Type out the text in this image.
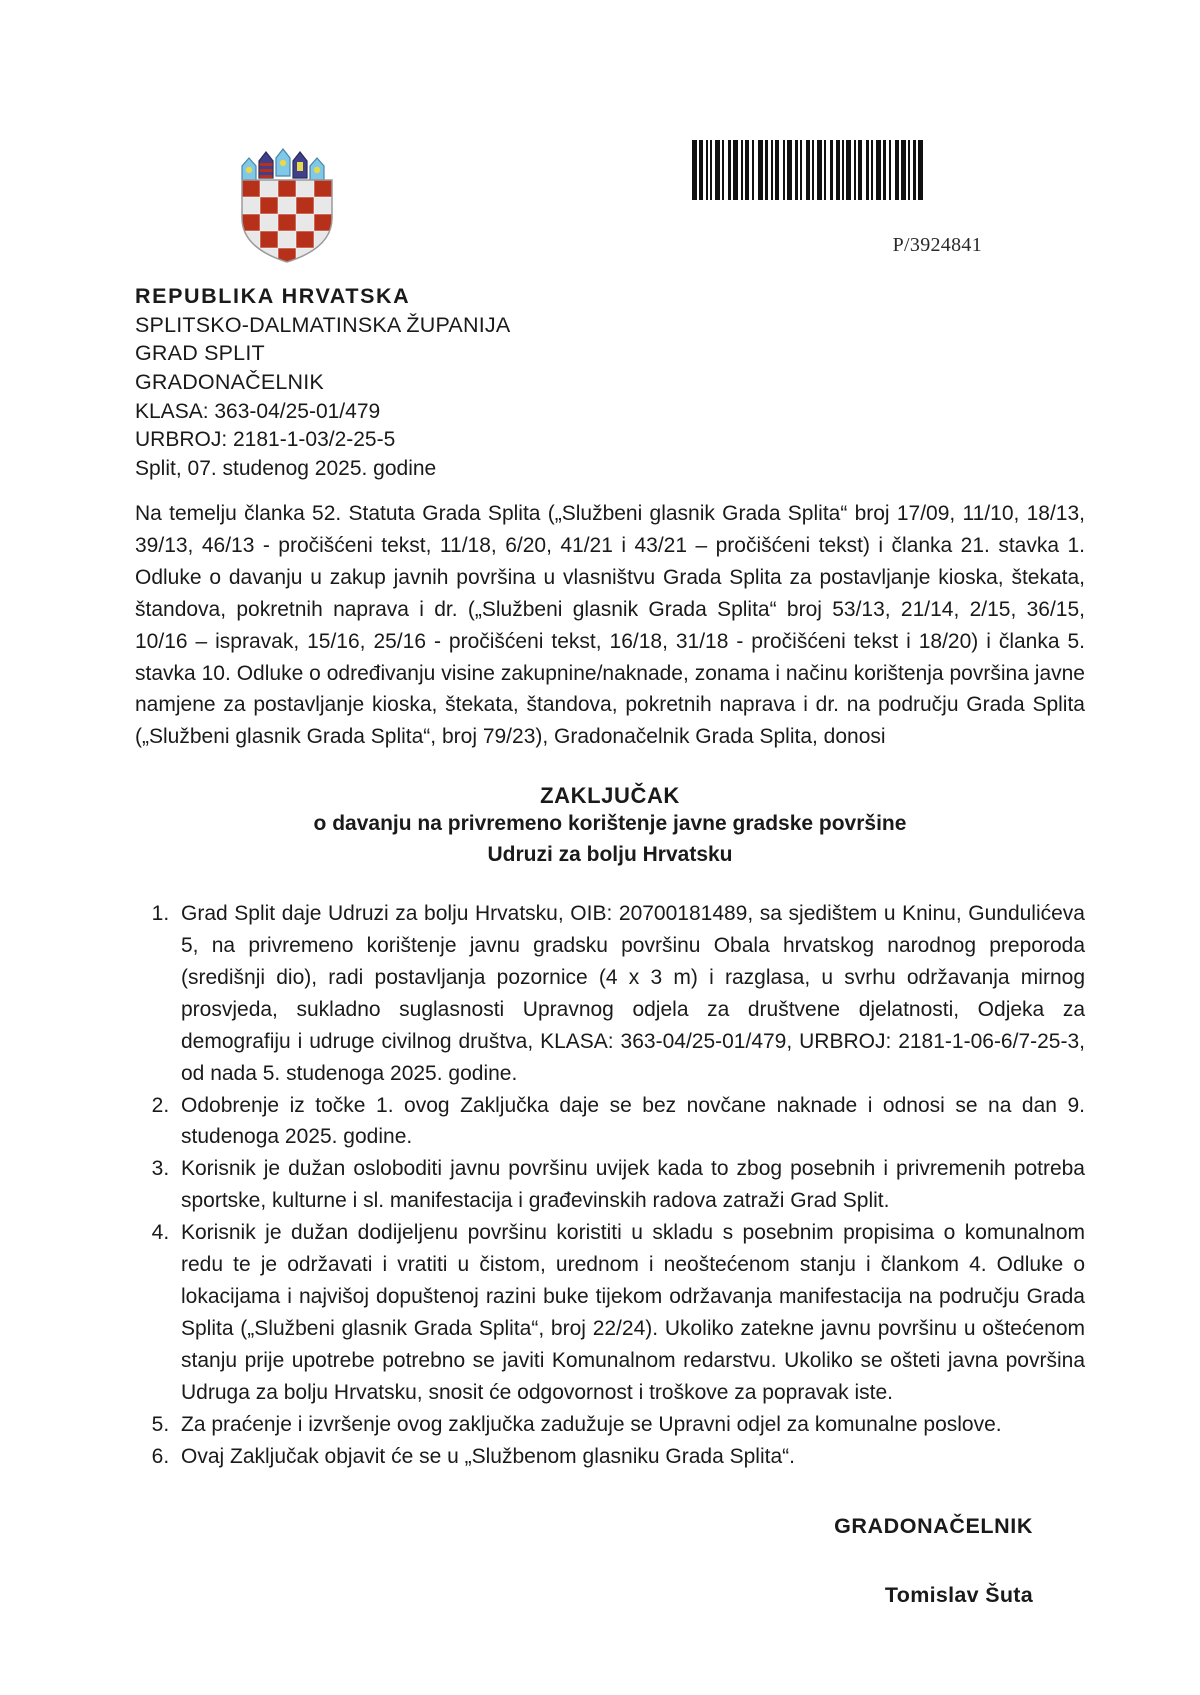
P/3924841
REPUBLIKA HRVATSKA
SPLITSKO-DALMATINSKA ŽUPANIJA
GRAD SPLIT
GRADONAČELNIK
KLASA: 363-04/25-01/479
URBROJ: 2181-1-03/2-25-5
Split, 07. studenog 2025. godine

Na temelju članka 52. Statuta Grada Splita („Službeni glasnik Grada Splita“ broj 17/09, 11/10, 18/13, 39/13, 46/13 - pročišćeni tekst, 11/18, 6/20, 41/21 i 43/21 – pročišćeni tekst) i članka 21. stavka 1. Odluke o davanju u zakup javnih površina u vlasništvu Grada Splita za postavljanje kioska, štekata, štandova, pokretnih naprava i dr. („Službeni glasnik Grada Splita“ broj 53/13, 21/14, 2/15, 36/15, 10/16 – ispravak, 15/16, 25/16 - pročišćeni tekst, 16/18, 31/18 - pročišćeni tekst i 18/20) i članka 5. stavka 10. Odluke o određivanju visine zakupnine/naknade, zonama i načinu korištenja površina javne namjene za postavljanje kioska, štekata, štandova, pokretnih naprava i dr. na području Grada Splita („Službeni glasnik Grada Splita“, broj 79/23), Gradonačelnik Grada Splita, donosi

ZAKLJUČAK
o davanju na privremeno korištenje javne gradske površine
Udruzi za bolju Hrvatsku
1. Grad Split daje Udruzi za bolju Hrvatsku, OIB: 20700181489, sa sjedištem u Kninu, Gundulićeva 5, na privremeno korištenje javnu gradsku površinu Obala hrvatskog narodnog preporoda (središnji dio), radi postavljanja pozornice (4 x 3 m) i razglasa, u svrhu održavanja mirnog prosvjeda, sukladno suglasnosti Upravnog odjela za društvene djelatnosti, Odjeka za demografiju i udruge civilnog društva, KLASA: 363-04/25-01/479, URBROJ: 2181-1-06-6/7-25-3, od nada 5. studenoga 2025. godine.
2. Odobrenje iz točke 1. ovog Zaključka daje se bez novčane naknade i odnosi se na dan 9. studenoga 2025. godine.
3. Korisnik je dužan osloboditi javnu površinu uvijek kada to zbog posebnih i privremenih potreba sportske, kulturne i sl. manifestacija i građevinskih radova zatraži Grad Split.
4. Korisnik je dužan dodijeljenu površinu koristiti u skladu s posebnim propisima o komunalnom redu te je održavati i vratiti u čistom, urednom i neoštećenom stanju i člankom 4. Odluke o lokacijama i najvišoj dopuštenoj razini buke tijekom održavanja manifestacija na području Grada Splita („Službeni glasnik Grada Splita“, broj 22/24). Ukoliko zatekne javnu površinu u oštećenom stanju prije upotrebe potrebno se javiti Komunalnom redarstvu. Ukoliko se ošteti javna površina Udruga za bolju Hrvatsku, snosit će odgovornost i troškove za popravak iste.
5. Za praćenje i izvršenje ovog zaključka zadužuje se Upravni odjel za komunalne poslove.
6. Ovaj Zaključak objavit će se u „Službenom glasniku Grada Splita“.
GRADONAČELNIK
Tomislav Šuta
